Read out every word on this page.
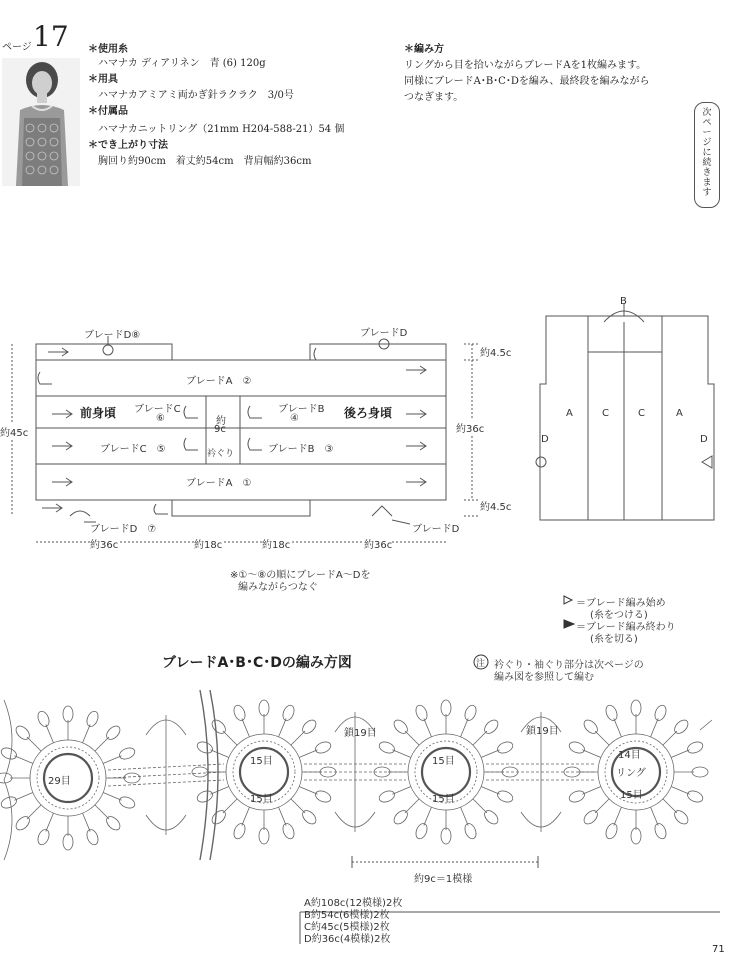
ページ 17 ＊使用糸
ハマナカ ディアリネン　青 (6) 120g
＊用具
ハマナカアミアミ両かぎ針ラクラク　3/0号
＊付属品
ハマナカニットリング（21mm H204-588-21）54 個
＊でき上がり寸法
胸回り約90cm　着丈約54cm　背肩幅約36cm
＊編み方
リングから目を拾いながらブレードAを1枚編みます。
同様にブレードA･B･C･Dを編み、最終段を編みながら
つなぎます。
次ページに続きます
ブレードD⑧	ブレードD
ブレードA　②
前身頃	後ろ身頃
ブレードC
⑥
ブレードB
④
ブレードC　⑤	ブレードB　③
ブレードA　①
ブレードD　⑦	ブレードD
約
9c
衿ぐり
約45c	約36c
約4.5c
約4.5c
約36c	約18c	約18c	約36c
※①～⑧の順にブレードA～Dを
編みながらつなぐ
B
A	C	C	A
D	D
＝ブレード編み始め
(糸をつける)
＝ブレード編み終わり
(糸を切る)
ブレードA･B･C･Dの編み方図	注 衿ぐり・袖ぐり部分は次ページの
編み図を参照して編む
29目
15目
15目
15目
15目
14目
リング
15目
鎖19目	鎖19目
約9c＝1模様
A約108c(12模様)2枚
B約54c(6模様)2枚
C約45c(5模様)2枚
D約36c(4模様)2枚
71
